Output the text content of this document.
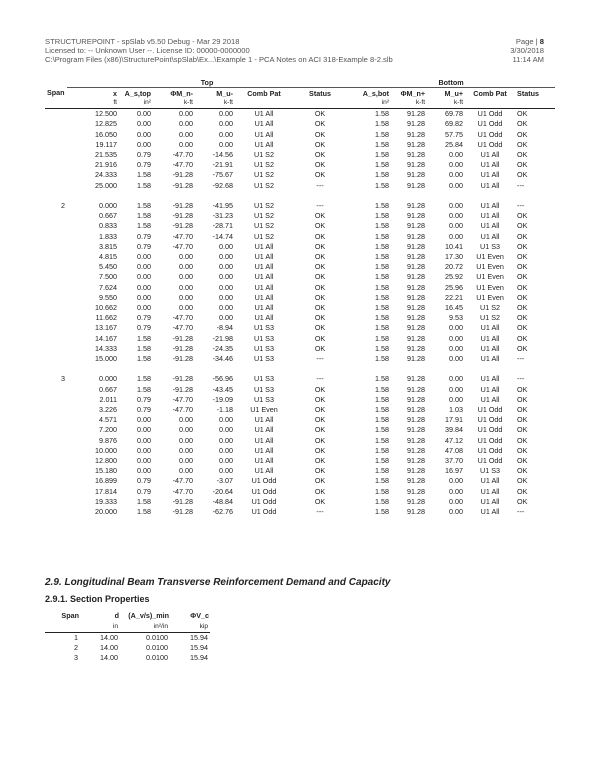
STRUCTUREPOINT - spSlab v5.50 Debug - Mar 29 2018
Licensed to: -- Unknown User --. License ID: 00000-0000000
C:\Program Files (x86)\StructurePoint\spSlab\Ex...\Example 1 - PCA Notes on ACI 318-Example 8-2.slb
Page | 8
3/30/2018
11:14 AM
	Top						Bottom				
Span	x	A_s,top	ΦM_n-	M_u-	Comb Pat	Status	A_s,bot	ΦM_n+	M_u+	Comb Pat	Status
	ft	in²	k-ft	k-ft			in²	k-ft	k-ft		
	12.500	0.00	0.00	0.00	U1 All	OK	1.58	91.28	69.78	U1 Odd	OK
	12.825	0.00	0.00	0.00	U1 All	OK	1.58	91.28	69.82	U1 Odd	OK
	16.050	0.00	0.00	0.00	U1 All	OK	1.58	91.28	57.75	U1 Odd	OK
	19.117	0.00	0.00	0.00	U1 All	OK	1.58	91.28	25.84	U1 Odd	OK
	21.535	0.79	-47.70	-14.56	U1 S2	OK	1.58	91.28	0.00	U1 All	OK
	21.916	0.79	-47.70	-21.91	U1 S2	OK	1.58	91.28	0.00	U1 All	OK
	24.333	1.58	-91.28	-75.67	U1 S2	OK	1.58	91.28	0.00	U1 All	OK
	25.000	1.58	-91.28	-92.68	U1 S2	---	1.58	91.28	0.00	U1 All	---

2	0.000	1.58	-91.28	-41.95	U1 S2	---	1.58	91.28	0.00	U1 All	---
	0.667	1.58	-91.28	-31.23	U1 S2	OK	1.58	91.28	0.00	U1 All	OK
	0.833	1.58	-91.28	-28.71	U1 S2	OK	1.58	91.28	0.00	U1 All	OK
	1.833	0.79	-47.70	-14.74	U1 S2	OK	1.58	91.28	0.00	U1 All	OK
	3.815	0.79	-47.70	0.00	U1 All	OK	1.58	91.28	10.41	U1 S3	OK
	4.815	0.00	0.00	0.00	U1 All	OK	1.58	91.28	17.30	U1 Even	OK
	5.450	0.00	0.00	0.00	U1 All	OK	1.58	91.28	20.72	U1 Even	OK
	7.500	0.00	0.00	0.00	U1 All	OK	1.58	91.28	25.92	U1 Even	OK
	7.624	0.00	0.00	0.00	U1 All	OK	1.58	91.28	25.96	U1 Even	OK
	9.550	0.00	0.00	0.00	U1 All	OK	1.58	91.28	22.21	U1 Even	OK
	10.662	0.00	0.00	0.00	U1 All	OK	1.58	91.28	16.45	U1 S2	OK
	11.662	0.79	-47.70	0.00	U1 All	OK	1.58	91.28	9.53	U1 S2	OK
	13.167	0.79	-47.70	-8.94	U1 S3	OK	1.58	91.28	0.00	U1 All	OK
	14.167	1.58	-91.28	-21.98	U1 S3	OK	1.58	91.28	0.00	U1 All	OK
	14.333	1.58	-91.28	-24.35	U1 S3	OK	1.58	91.28	0.00	U1 All	OK
	15.000	1.58	-91.28	-34.46	U1 S3	---	1.58	91.28	0.00	U1 All	---

3	0.000	1.58	-91.28	-56.96	U1 S3	---	1.58	91.28	0.00	U1 All	---
	0.667	1.58	-91.28	-43.45	U1 S3	OK	1.58	91.28	0.00	U1 All	OK
	2.011	0.79	-47.70	-19.09	U1 S3	OK	1.58	91.28	0.00	U1 All	OK
	3.226	0.79	-47.70	-1.18	U1 Even	OK	1.58	91.28	1.03	U1 Odd	OK
	4.571	0.00	0.00	0.00	U1 All	OK	1.58	91.28	17.91	U1 Odd	OK
	7.200	0.00	0.00	0.00	U1 All	OK	1.58	91.28	39.84	U1 Odd	OK
	9.876	0.00	0.00	0.00	U1 All	OK	1.58	91.28	47.12	U1 Odd	OK
	10.000	0.00	0.00	0.00	U1 All	OK	1.58	91.28	47.08	U1 Odd	OK
	12.800	0.00	0.00	0.00	U1 All	OK	1.58	91.28	37.70	U1 Odd	OK
	15.180	0.00	0.00	0.00	U1 All	OK	1.58	91.28	16.97	U1 S3	OK
	16.899	0.79	-47.70	-3.07	U1 Odd	OK	1.58	91.28	0.00	U1 All	OK
	17.814	0.79	-47.70	-20.64	U1 Odd	OK	1.58	91.28	0.00	U1 All	OK
	19.333	1.58	-91.28	-48.84	U1 Odd	OK	1.58	91.28	0.00	U1 All	OK
	20.000	1.58	-91.28	-62.76	U1 Odd	---	1.58	91.28	0.00	U1 All	---
2.9. Longitudinal Beam Transverse Reinforcement Demand and Capacity
2.9.1. Section Properties
Span	d	(A_v/s)_min	ΦV_c
	in	in²/in	kip
1	14.00	0.0100	15.94
2	14.00	0.0100	15.94
3	14.00	0.0100	15.94
